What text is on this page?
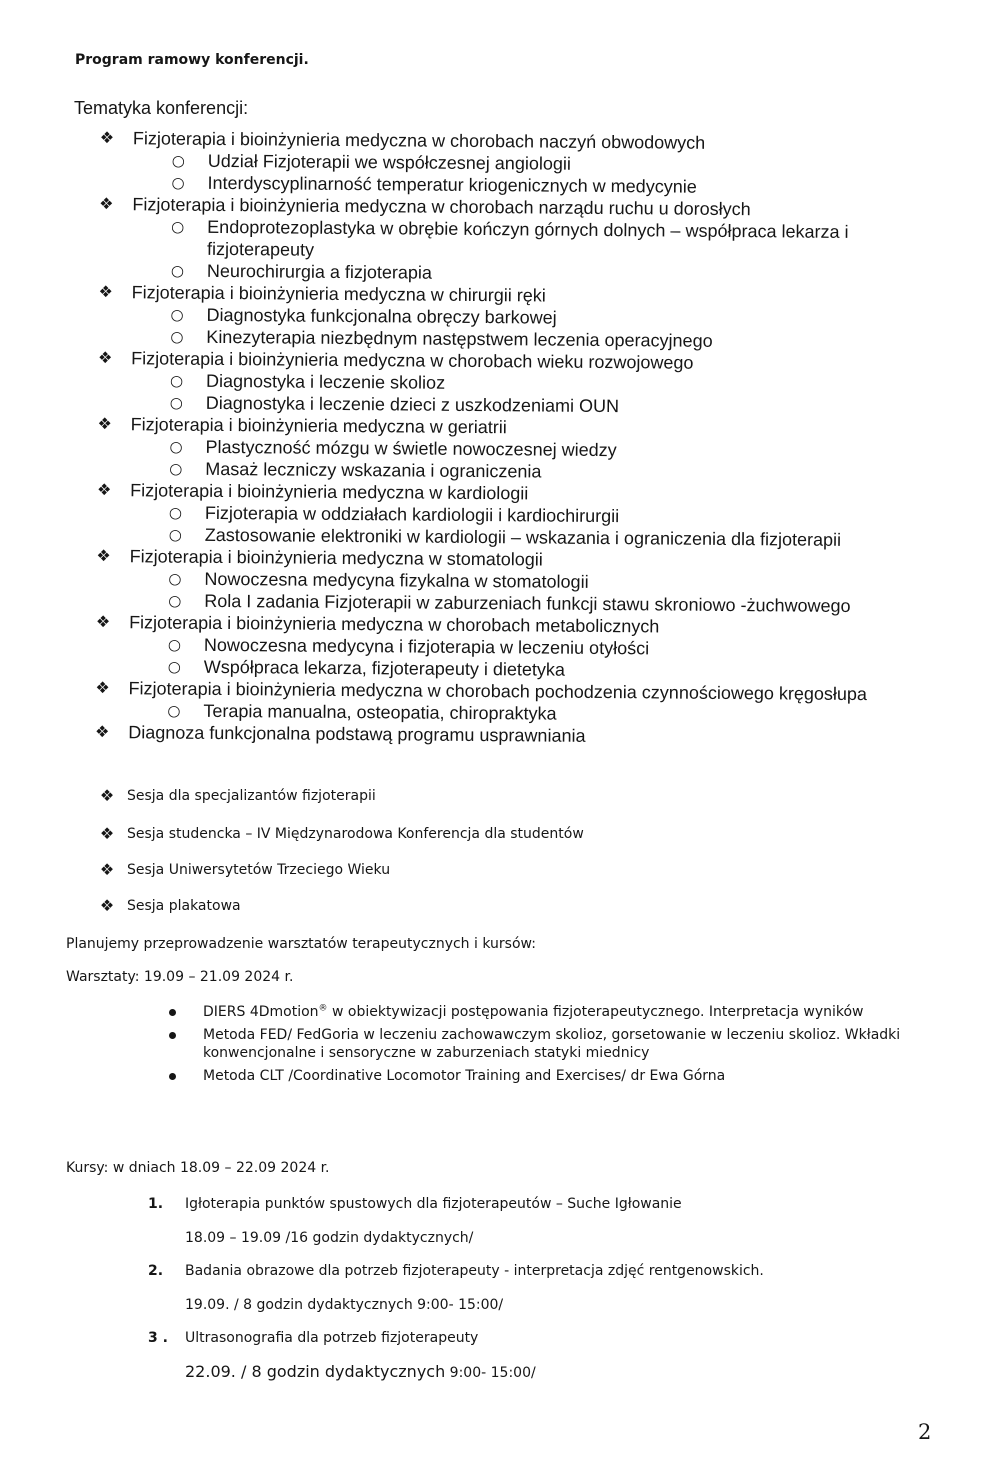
Program ramowy konferencji.
Tematyka konferencji:
❖ Fizjoterapia i bioinżynieria medyczna w chorobach naczyń obwodowych
○ Udział Fizjoterapii we współczesnej angiologii
○ Interdyscyplinarność temperatur kriogenicznych w medycynie
❖ Fizjoterapia i bioinżynieria medyczna w chorobach narządu ruchu u dorosłych
○ Endoprotezoplastyka w obrębie kończyn górnych dolnych – współpraca lekarza i fizjoterapeuty
○ Neurochirurgia a fizjoterapia
❖ Fizjoterapia i bioinżynieria medyczna w chirurgii ręki
○ Diagnostyka funkcjonalna obręczy barkowej
○ Kinezyterapia niezbędnym następstwem leczenia operacyjnego
❖ Fizjoterapia i bioinżynieria medyczna w chorobach wieku rozwojowego
○ Diagnostyka i leczenie skolioz
○ Diagnostyka i leczenie dzieci z uszkodzeniami OUN
❖ Fizjoterapia i bioinżynieria medyczna w geriatrii
○ Plastyczność mózgu w świetle nowoczesnej wiedzy
○ Masaż leczniczy wskazania i ograniczenia
❖ Fizjoterapia i bioinżynieria medyczna w kardiologii
○ Fizjoterapia w oddziałach kardiologii i kardiochirurgii
○ Zastosowanie elektroniki w kardiologii – wskazania i ograniczenia dla fizjoterapii
❖ Fizjoterapia i bioinżynieria medyczna w stomatologii
○ Nowoczesna medycyna fizykalna w stomatologii
○ Rola I zadania Fizjoterapii w zaburzeniach funkcji stawu skroniowo -żuchwowego
❖ Fizjoterapia i bioinżynieria medyczna w chorobach metabolicznych
○ Nowoczesna medycyna i fizjoterapia w leczeniu otyłości
○ Współpraca lekarza, fizjoterapeuty i dietetyka
❖ Fizjoterapia i bioinżynieria medyczna w chorobach pochodzenia czynnościowego kręgosłupa
○ Terapia manualna, osteopatia, chiropraktyka
❖ Diagnoza funkcjonalna podstawą programu usprawniania
❖ Sesja dla specjalizantów fizjoterapii
❖ Sesja studencka – IV Międzynarodowa Konferencja dla studentów
❖ Sesja Uniwersytetów Trzeciego Wieku
❖ Sesja plakatowa
Planujemy przeprowadzenie warsztatów terapeutycznych i kursów:
Warsztaty: 19.09 – 21.09 2024 r.
DIERS 4Dmotion® w obiektywizacji postępowania fizjoterapeutycznego. Interpretacja wyników
Metoda FED/ FedGoria w leczeniu zachowawczym skolioz, gorsetowanie w leczeniu skolioz. Wkładki konwencjonalne i sensoryczne w zaburzeniach statyki miednicy
Metoda CLT /Coordinative Locomotor Training and Exercises/ dr Ewa Górna
Kursy: w dniach 18.09 – 22.09 2024 r.
1. Igłoterapia punktów spustowych dla fizjoterapeutów – Suche Igłowanie
18.09 – 19.09 /16 godzin dydaktycznych/
2. Badania obrazowe dla potrzeb fizjoterapeuty - interpretacja zdjęć rentgenowskich.
19.09. / 8 godzin dydaktycznych 9:00- 15:00/
3 . Ultrasonografia dla potrzeb fizjoterapeuty
22.09. / 8 godzin dydaktycznych 9:00- 15:00/
2
